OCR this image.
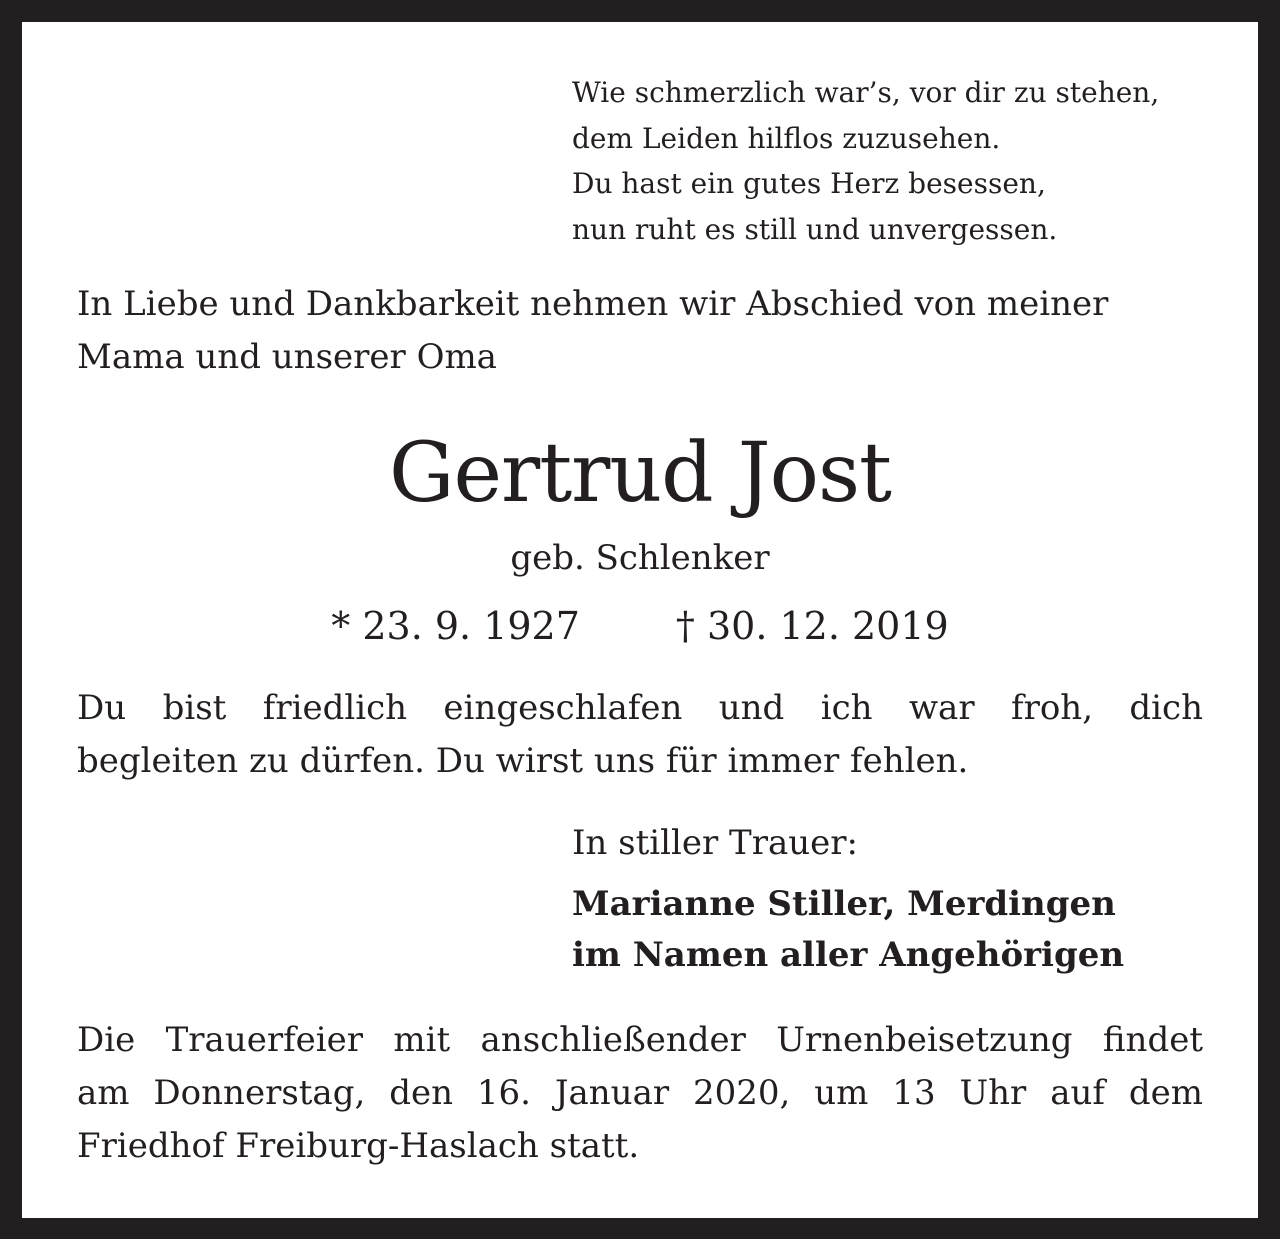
Wie schmerzlich war’s, vor dir zu stehen,
dem Leiden hilflos zuzusehen.
Du hast ein gutes Herz besessen,
nun ruht es still und unvergessen.
In Liebe und Dankbarkeit nehmen wir Abschied von meiner
Mama und unserer Oma
Gertrud Jost
geb. Schlenker
* 23. 9. 1927	† 30. 12. 2019
Du bist friedlich eingeschlafen und ich war froh, dich
begleiten zu dürfen. Du wirst uns für immer fehlen.
In stiller Trauer:
Marianne Stiller, Merdingen
im Namen aller Angehörigen
Die Trauerfeier mit anschließender Urnenbeisetzung findet
am Donnerstag, den 16. Januar 2020, um 13 Uhr auf dem
Friedhof Freiburg-Haslach statt.
